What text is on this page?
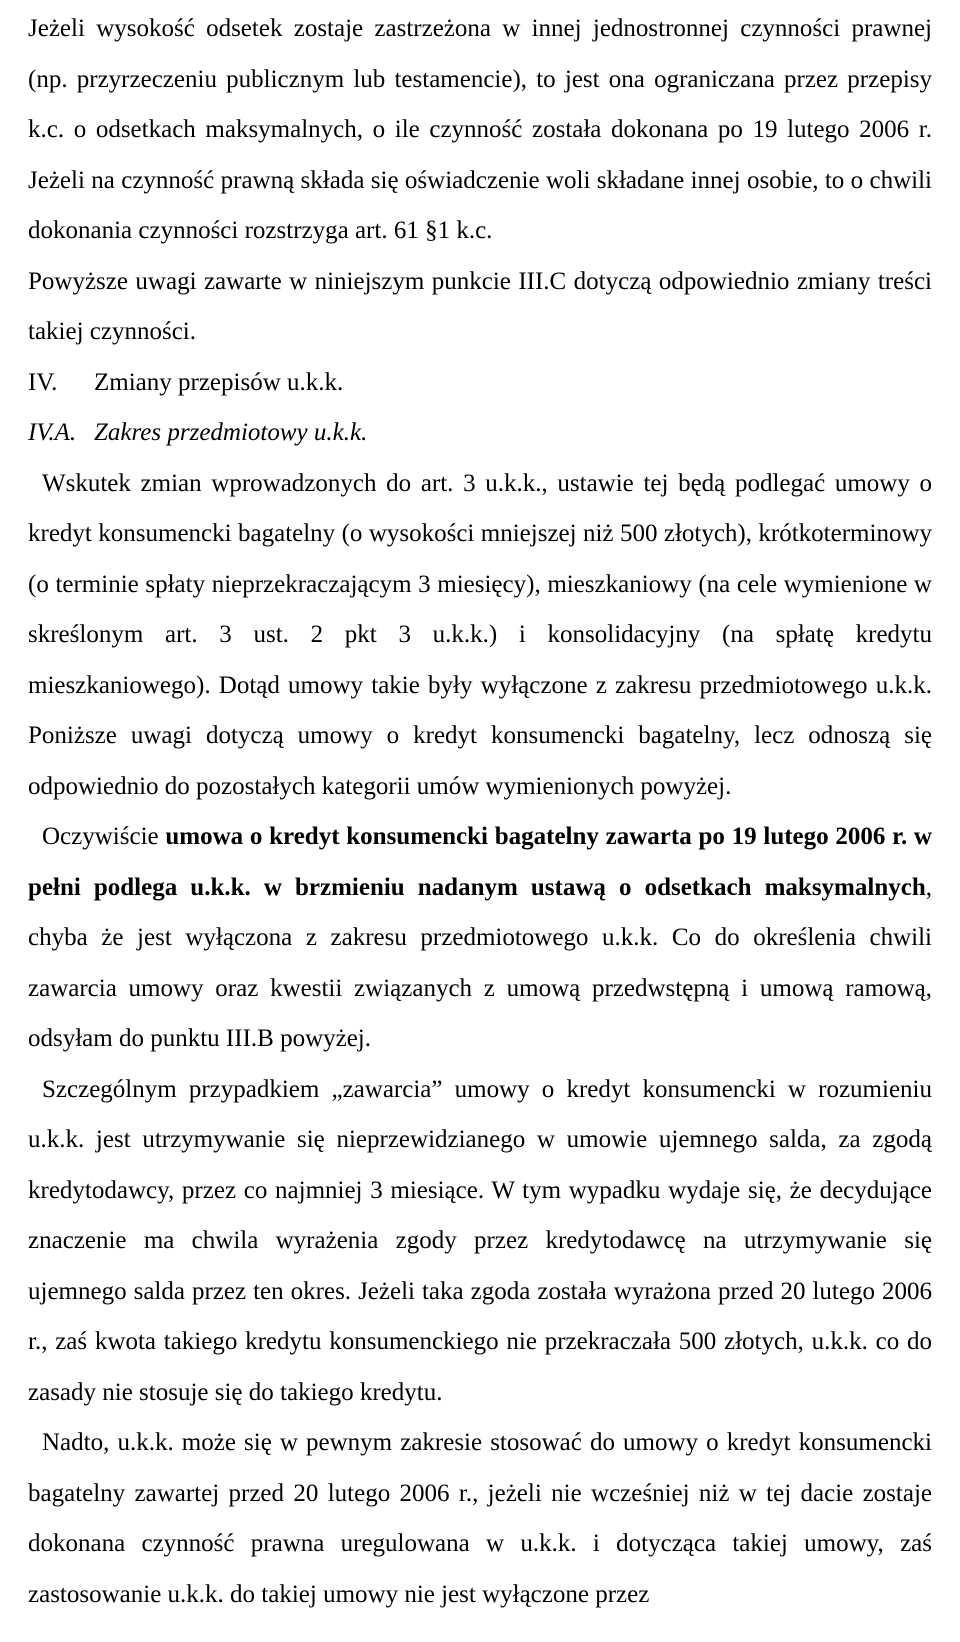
Jeżeli wysokość odsetek zostaje zastrzeżona w innej jednostronnej czynności prawnej (np. przyrzeczeniu publicznym lub testamencie), to jest ona ograniczana przez przepisy k.c. o odsetkach maksymalnych, o ile czynność została dokonana po 19 lutego 2006 r. Jeżeli na czynność prawną składa się oświadczenie woli składane innej osobie, to o chwili dokonania czynności rozstrzyga art. 61 §1 k.c.

Powyższe uwagi zawarte w niniejszym punkcie III.C dotyczą odpowiednio zmiany treści takiej czynności.

IV.	Zmiany przepisów u.k.k.
IV.A. Zakres przedmiotowy u.k.k.

Wskutek zmian wprowadzonych do art. 3 u.k.k., ustawie tej będą podlegać umowy o kredyt konsumencki bagatelny (o wysokości mniejszej niż 500 złotych), krótkoterminowy (o terminie spłaty nieprzekraczającym 3 miesięcy), mieszkaniowy (na cele wymienione w skreślonym art. 3 ust. 2 pkt 3 u.k.k.) i konsolidacyjny (na spłatę kredytu mieszkaniowego). Dotąd umowy takie były wyłączone z zakresu przedmiotowego u.k.k. Poniższe uwagi dotyczą umowy o kredyt konsumencki bagatelny, lecz odnoszą się odpowiednio do pozostałych kategorii umów wymienionych powyżej.

Oczywiście umowa o kredyt konsumencki bagatelny zawarta po 19 lutego 2006 r. w pełni podlega u.k.k. w brzmieniu nadanym ustawą o odsetkach maksymalnych, chyba że jest wyłączona z zakresu przedmiotowego u.k.k. Co do określenia chwili zawarcia umowy oraz kwestii związanych z umową przedwstępną i umową ramową, odsyłam do punktu III.B powyżej.

Szczególnym przypadkiem „zawarcia” umowy o kredyt konsumencki w rozumieniu u.k.k. jest utrzymywanie się nieprzewidzianego w umowie ujemnego salda, za zgodą kredytodawcy, przez co najmniej 3 miesiące. W tym wypadku wydaje się, że decydujące znaczenie ma chwila wyrażenia zgody przez kredytodawcę na utrzymywanie się ujemnego salda przez ten okres. Jeżeli taka zgoda została wyrażona przed 20 lutego 2006 r., zaś kwota takiego kredytu konsumenckiego nie przekraczała 500 złotych, u.k.k. co do zasady nie stosuje się do takiego kredytu.

Nadto, u.k.k. może się w pewnym zakresie stosować do umowy o kredyt konsumencki bagatelny zawartej przed 20 lutego 2006 r., jeżeli nie wcześniej niż w tej dacie zostaje dokonana czynność prawna uregulowana w u.k.k. i dotycząca takiej umowy, zaś zastosowanie u.k.k. do takiej umowy nie jest wyłączone przez
